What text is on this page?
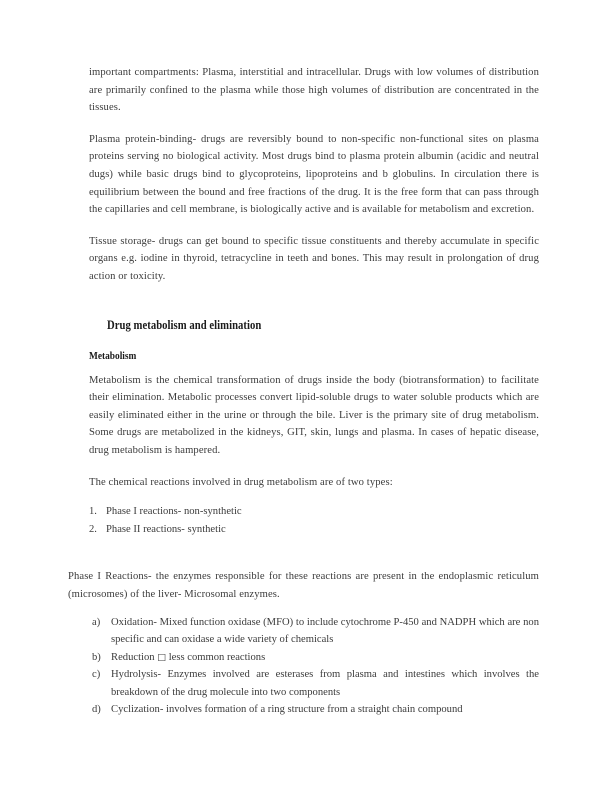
important compartments: Plasma, interstitial and intracellular. Drugs with low volumes of distribution are primarily confined to the plasma while those high volumes of distribution are concentrated in the tissues.

Plasma protein-binding- drugs are reversibly bound to non-specific non-functional sites on plasma proteins serving no biological activity. Most drugs bind to plasma protein albumin (acidic and neutral dugs) while basic drugs bind to glycoproteins, lipoproteins and b globulins. In circulation there is equilibrium between the bound and free fractions of the drug. It is the free form that can pass through the capillaries and cell membrane, is biologically active and is available for metabolism and excretion.

Tissue storage- drugs can get bound to specific tissue constituents and thereby accumulate in specific organs e.g. iodine in thyroid, tetracycline in teeth and bones. This may result in prolongation of drug action or toxicity.

Drug metabolism and elimination
Metabolism

Metabolism is the chemical transformation of drugs inside the body (biotransformation) to facilitate their elimination. Metabolic processes convert lipid-soluble drugs to water soluble products which are easily eliminated either in the urine or through the bile. Liver is the primary site of drug metabolism. Some drugs are metabolized in the kidneys, GIT, skin, lungs and plasma. In cases of hepatic disease, drug metabolism is hampered.

The chemical reactions involved in drug metabolism are of two types:

1. Phase I reactions- non-synthetic
2. Phase II reactions- synthetic

Phase I Reactions- the enzymes responsible for these reactions are present in the endoplasmic reticulum (microsomes) of the liver- Microsomal enzymes.

a) Oxidation- Mixed function oxidase (MFO) to include cytochrome P-450 and NADPH which are non specific and can oxidase a wide variety of chemicals
b) Reduction □ less common reactions
c) Hydrolysis- Enzymes involved are esterases from plasma and intestines which involves the breakdown of the drug molecule into two components
d) Cyclization- involves formation of a ring structure from a straight chain compound
